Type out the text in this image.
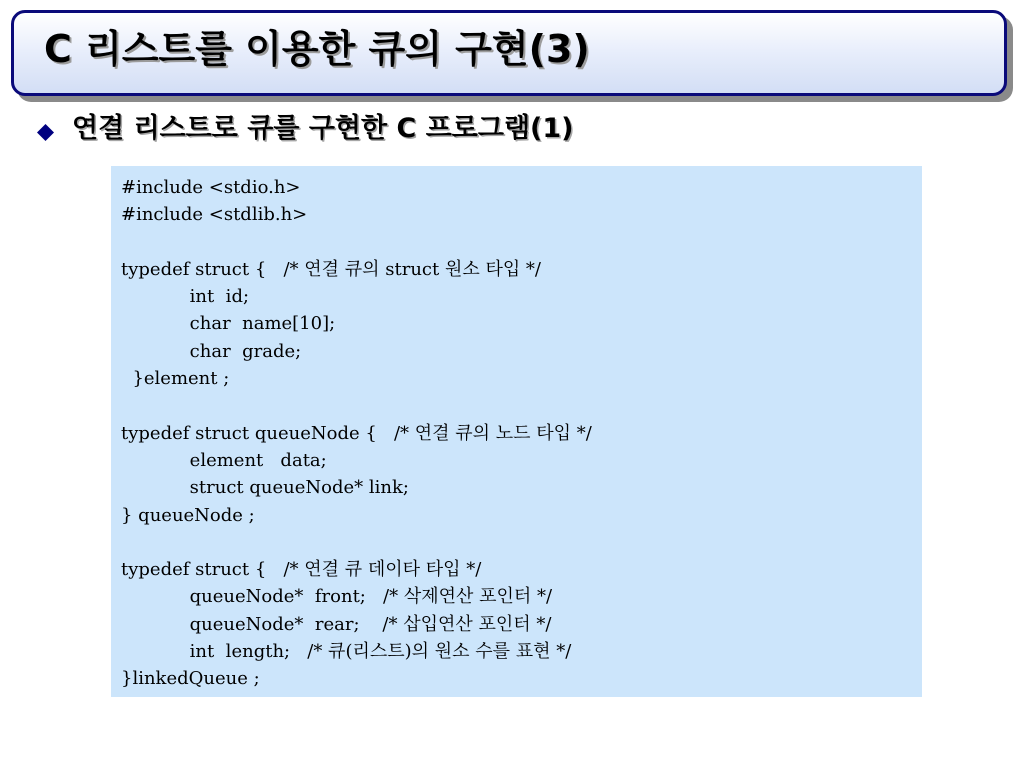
C 리스트를 이용한 큐의 구현(3)
연결 리스트로 큐를 구현한 C 프로그램(1)
#include <stdio.h>
#include <stdlib.h>
typedef struct {   /* 연결 큐의 struct 원소 타입 */
int  id;
char  name[10];
char  grade;
}element ;
typedef struct queueNode {   /* 연결 큐의 노드 타입 */
element   data;
struct queueNode* link;
} queueNode ;
typedef struct {   /* 연결 큐 데이타 타입 */
queueNode*  front;   /* 삭제연산 포인터 */
queueNode*  rear;    /* 삽입연산 포인터 */
int  length;   /* 큐(리스트)의 원소 수를 표현 */
}linkedQueue ;
